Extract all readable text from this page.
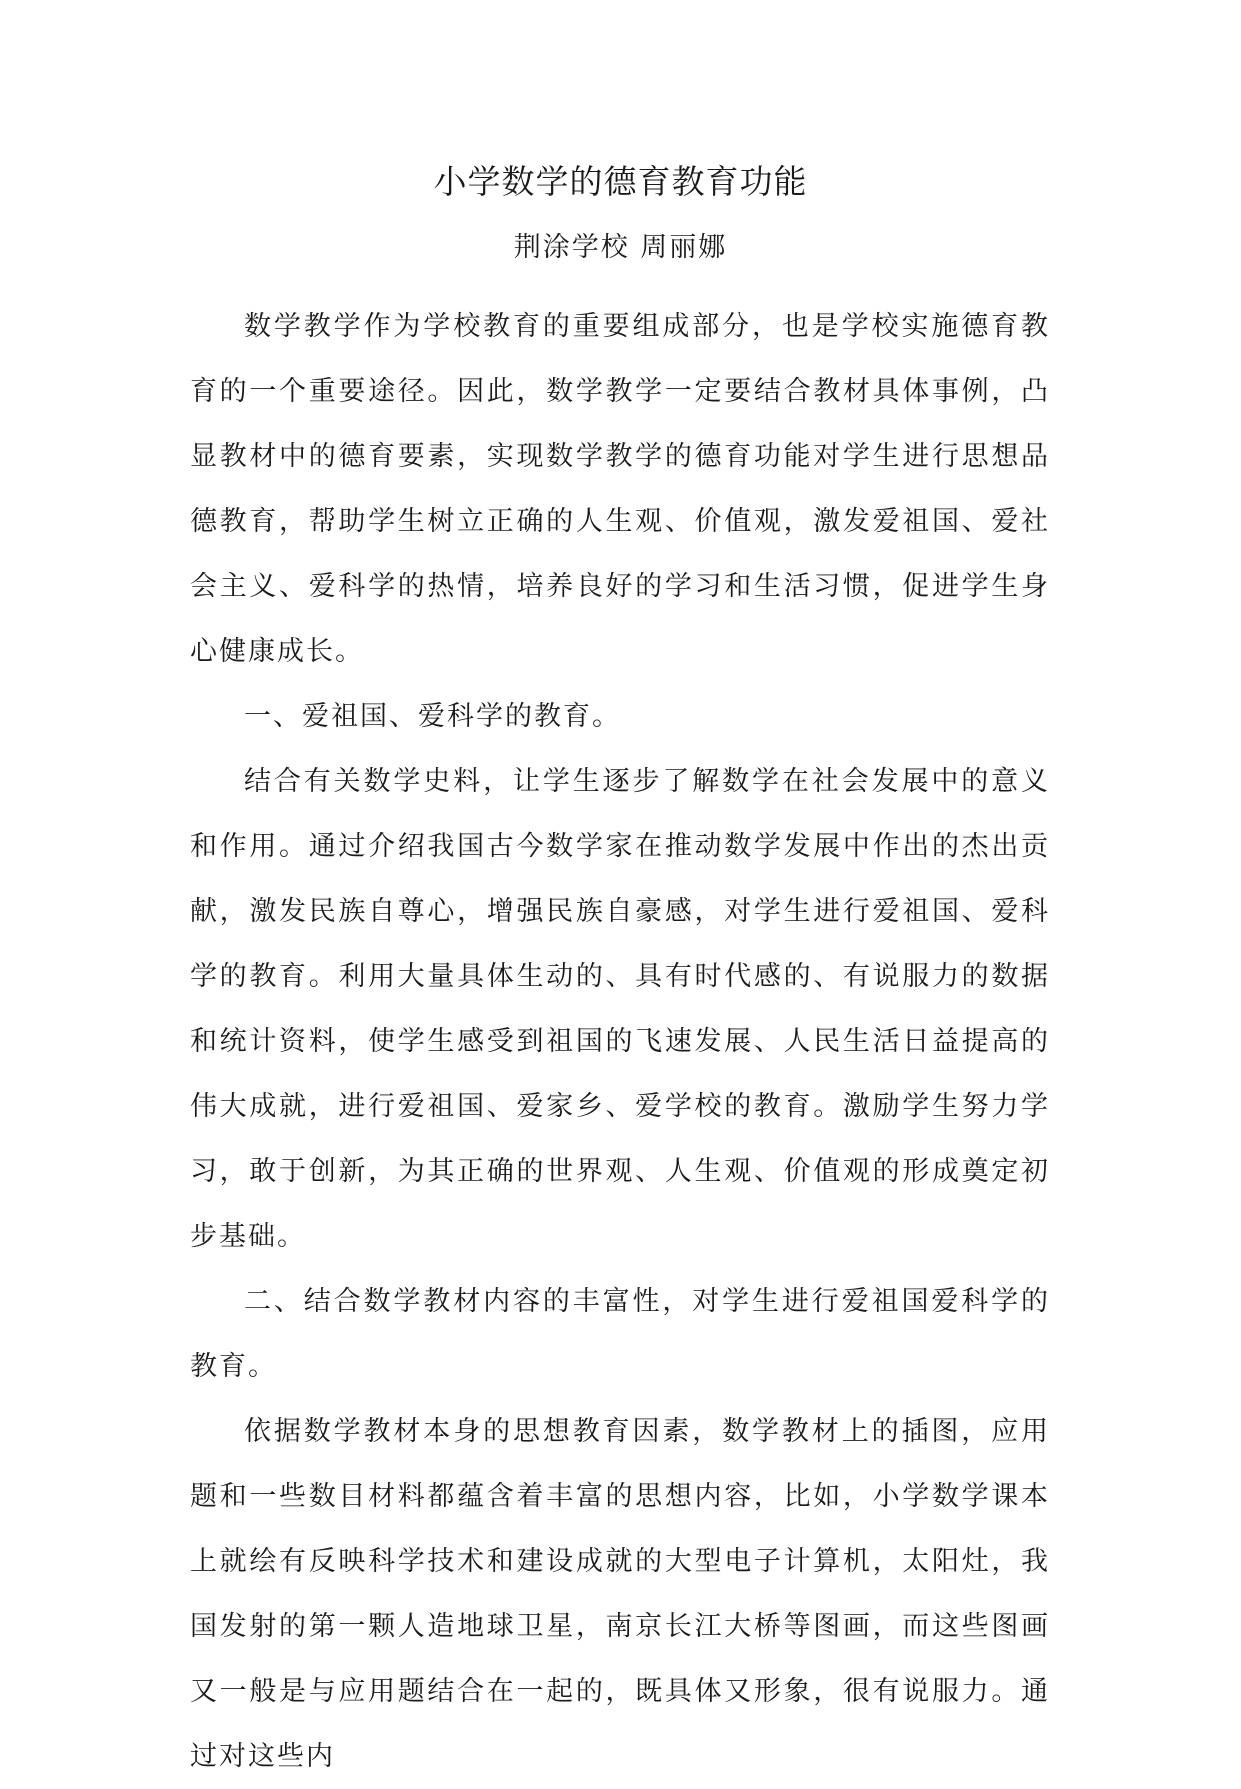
小学数学的德育教育功能
荆涂学校 周丽娜

数学教学作为学校教育的重要组成部分，也是学校实施德育教育的一个重要途径。因此，数学教学一定要结合教材具体事例，凸显教材中的德育要素，实现数学教学的德育功能对学生进行思想品德教育，帮助学生树立正确的人生观、价值观，激发爱祖国、爱社会主义、爱科学的热情，培养良好的学习和生活习惯，促进学生身心健康成长。

一、爱祖国、爱科学的教育。

结合有关数学史料，让学生逐步了解数学在社会发展中的意义和作用。通过介绍我国古今数学家在推动数学发展中作出的杰出贡献，激发民族自尊心，增强民族自豪感，对学生进行爱祖国、爱科学的教育。利用大量具体生动的、具有时代感的、有说服力的数据和统计资料，使学生感受到祖国的飞速发展、人民生活日益提高的伟大成就，进行爱祖国、爱家乡、爱学校的教育。激励学生努力学习，敢于创新，为其正确的世界观、人生观、价值观的形成奠定初步基础。

二、结合数学教材内容的丰富性，对学生进行爱祖国爱科学的教育。

依据数学教材本身的思想教育因素，数学教材上的插图，应用题和一些数目材料都蕴含着丰富的思想内容，比如，小学数学课本上就绘有反映科学技术和建设成就的大型电子计算机，太阳灶，我国发射的第一颗人造地球卫星，南京长江大桥等图画，而这些图画又一般是与应用题结合在一起的，既具体又形象，很有说服力。通过对这些内
